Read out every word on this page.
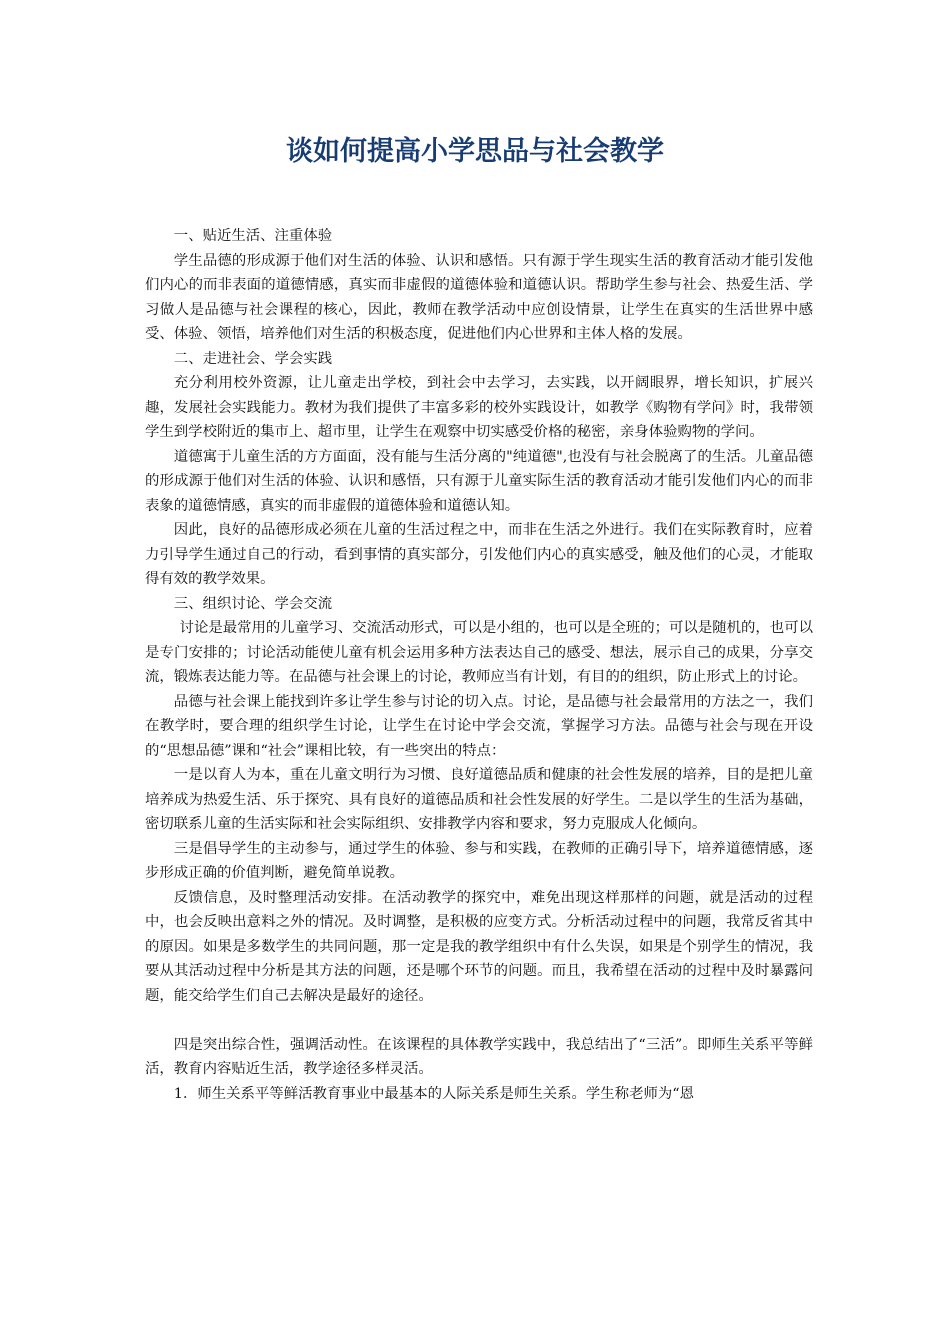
谈如何提高小学思品与社会教学

一、贴近生活、注重体验

学生品德的形成源于他们对生活的体验、认识和感悟。只有源于学生现实生活的教育活动才能引发他们内心的而非表面的道德情感，真实而非虚假的道德体验和道德认识。帮助学生参与社会、热爱生活、学习做人是品德与社会课程的核心，因此，教师在教学活动中应创设情景，让学生在真实的生活世界中感受、体验、领悟，培养他们对生活的积极态度，促进他们内心世界和主体人格的发展。

二、走进社会、学会实践

充分利用校外资源，让儿童走出学校，到社会中去学习，去实践，以开阔眼界，增长知识，扩展兴趣，发展社会实践能力。教材为我们提供了丰富多彩的校外实践设计，如教学《购物有学问》时，我带领学生到学校附近的集市上、超市里，让学生在观察中切实感受价格的秘密，亲身体验购物的学问。

道德寓于儿童生活的方方面面，没有能与生活分离的"纯道德",也没有与社会脱离了的生活。儿童品德的形成源于他们对生活的体验、认识和感悟，只有源于儿童实际生活的教育活动才能引发他们内心的而非表象的道德情感，真实的而非虚假的道德体验和道德认知。

因此，良好的品德形成必须在儿童的生活过程之中，而非在生活之外进行。我们在实际教育时，应着力引导学生通过自己的行动，看到事情的真实部分，引发他们内心的真实感受，触及他们的心灵，才能取得有效的教学效果。

三、组织讨论、学会交流

讨论是最常用的儿童学习、交流活动形式，可以是小组的，也可以是全班的；可以是随机的，也可以是专门安排的；讨论活动能使儿童有机会运用多种方法表达自己的感受、想法，展示自己的成果，分享交流，锻炼表达能力等。在品德与社会课上的讨论，教师应当有计划，有目的的组织，防止形式上的讨论。

品德与社会课上能找到许多让学生参与讨论的切入点。讨论，是品德与社会最常用的方法之一，我们在教学时，要合理的组织学生讨论，让学生在讨论中学会交流，掌握学习方法。品德与社会与现在开设的“思想品德”课和“社会”课相比较，有一些突出的特点：

一是以育人为本，重在儿童文明行为习惯、良好道德品质和健康的社会性发展的培养，目的是把儿童培养成为热爱生活、乐于探究、具有良好的道德品质和社会性发展的好学生。二是以学生的生活为基础，密切联系儿童的生活实际和社会实际组织、安排教学内容和要求，努力克服成人化倾向。

三是倡导学生的主动参与，通过学生的体验、参与和实践，在教师的正确引导下，培养道德情感，逐步形成正确的价值判断，避免简单说教。

反馈信息，及时整理活动安排。在活动教学的探究中，难免出现这样那样的问题，就是活动的过程中，也会反映出意料之外的情况。及时调整，是积极的应变方式。分析活动过程中的问题，我常反省其中的原因。如果是多数学生的共同问题，那一定是我的教学组织中有什么失误，如果是个别学生的情况，我要从其活动过程中分析是其方法的问题，还是哪个环节的问题。而且，我希望在活动的过程中及时暴露问题，能交给学生们自己去解决是最好的途径。

四是突出综合性，强调活动性。在该课程的具体教学实践中，我总结出了“三活”。即师生关系平等鲜活，教育内容贴近生活，教学途径多样灵活。

1．师生关系平等鲜活教育事业中最基本的人际关系是师生关系。学生称老师为“恩
